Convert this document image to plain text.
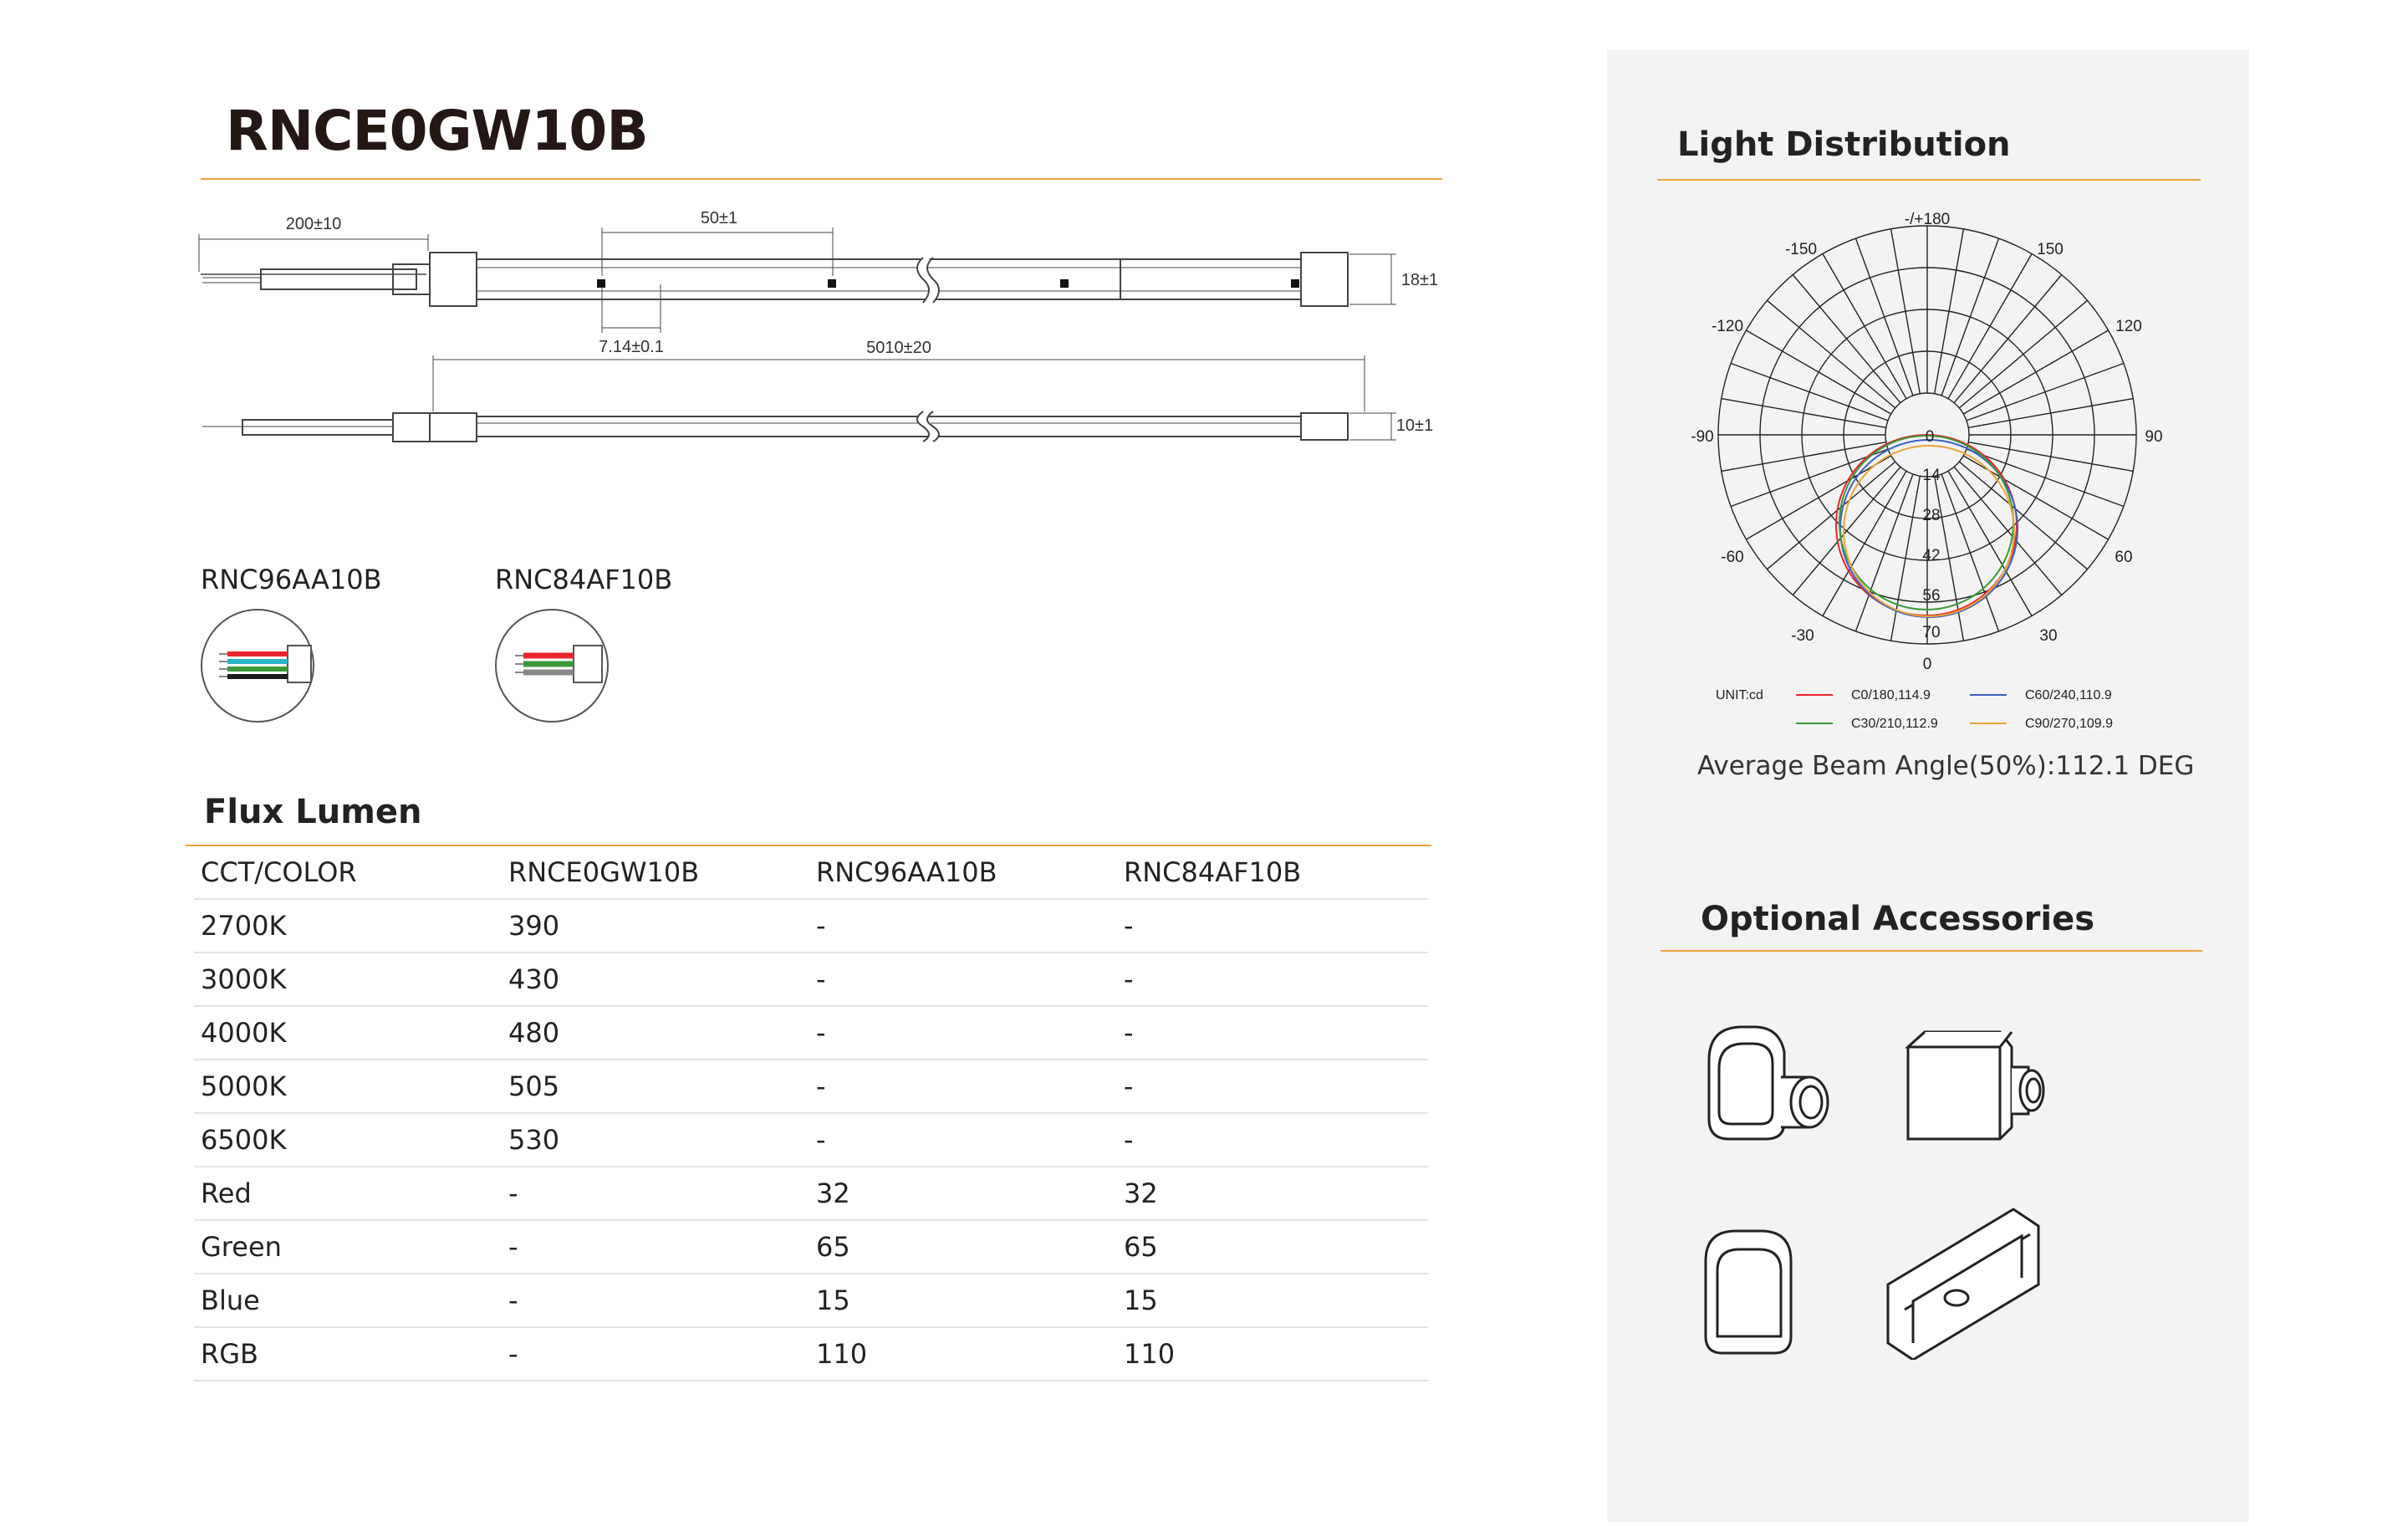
RNCE0GW10B
200±10	50±1
18±1
7.14±0.1	5010±20
10±1
RNC96AA10B	RNC84AF10B
Flux Lumen
CCT/COLOR	RNCE0GW10B	RNC96AA10B	RNC84AF10B
2700K	390	-	-
3000K	430	-	-
4000K	480	-	-
5000K	505	-	-
6500K	530	-	-
Red	-	32	32
Green	-	65	65
Blue	-	15	15
RGB	-	110	110
Light Distribution
-/+180
-150	150
-120	120
-90	90
-60	60
-30	30
0
0
14
28
42
56
70
UNIT:cd	C0/180,114.9	C60/240,110.9
C30/210,112.9	C90/270,109.9
Average Beam Angle(50%):112.1 DEG
Optional Accessories
